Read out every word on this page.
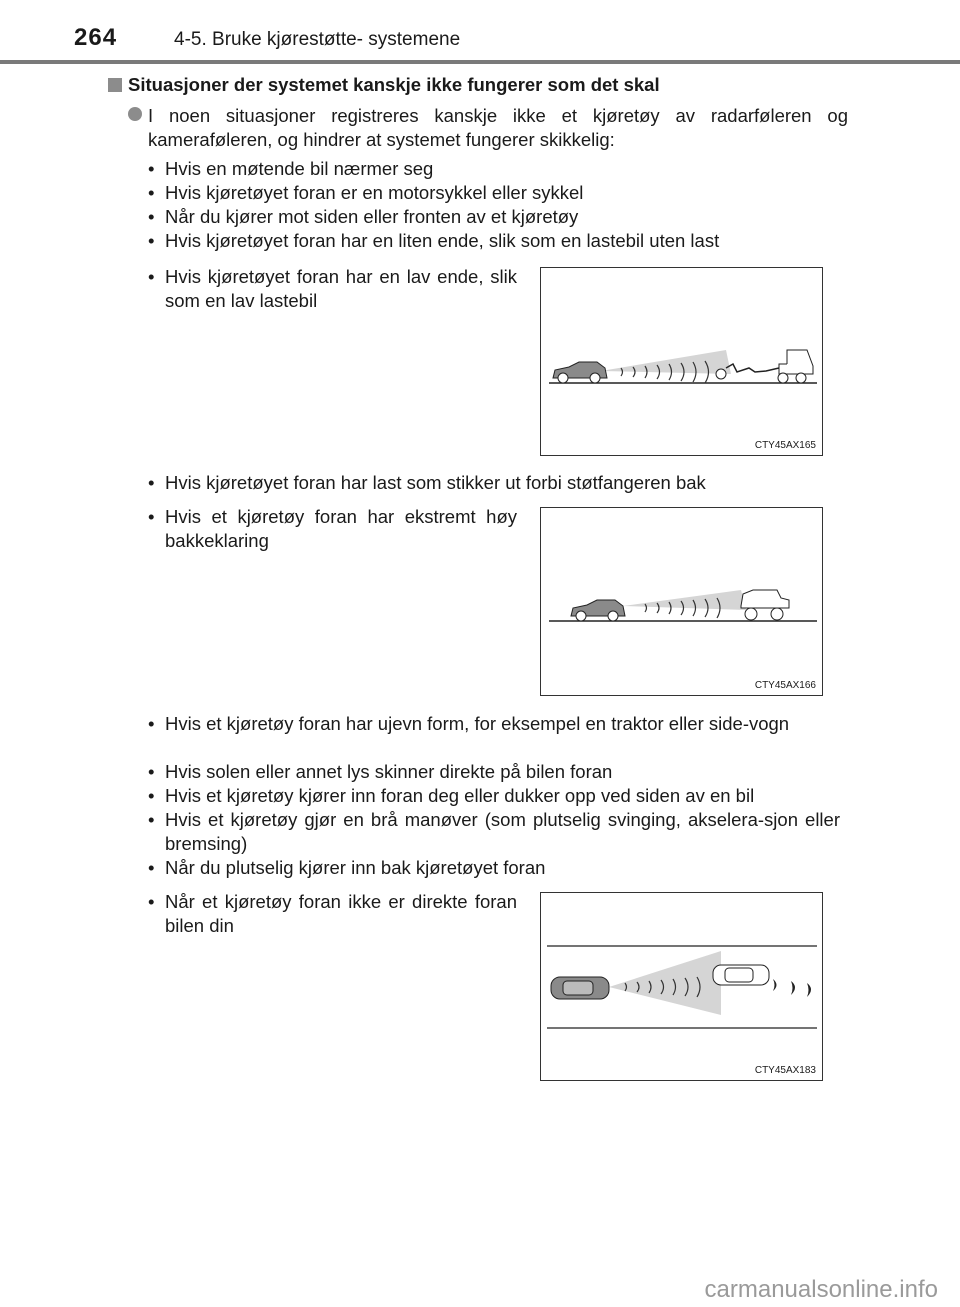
264	4-5. Bruke kjørestøtte- systemene
Situasjoner der systemet kanskje ikke fungerer som det skal
I noen situasjoner registreres kanskje ikke et kjøretøy av radarføleren og kameraføleren, og hindrer at systemet fungerer skikkelig:
• Hvis en møtende bil nærmer seg
• Hvis kjøretøyet foran er en motorsykkel eller sykkel
• Når du kjører mot siden eller fronten av et kjøretøy
• Hvis kjøretøyet foran har en liten ende, slik som en lastebil uten last
• Hvis kjøretøyet foran har en lav ende, slik som en lav lastebil
CTY45AX165
• Hvis kjøretøyet foran har last som stikker ut forbi støtfangeren bak
• Hvis et kjøretøy foran har ekstremt høy bakkeklaring
CTY45AX166
• Hvis et kjøretøy foran har ujevn form, for eksempel en traktor eller side-vogn
• Hvis solen eller annet lys skinner direkte på bilen foran
• Hvis et kjøretøy kjører inn foran deg eller dukker opp ved siden av en bil
• Hvis et kjøretøy gjør en brå manøver (som plutselig svinging, akselera-sjon eller bremsing)
• Når du plutselig kjører inn bak kjøretøyet foran
• Når et kjøretøy foran ikke er direkte foran bilen din
CTY45AX183
carmanualsonline.info
